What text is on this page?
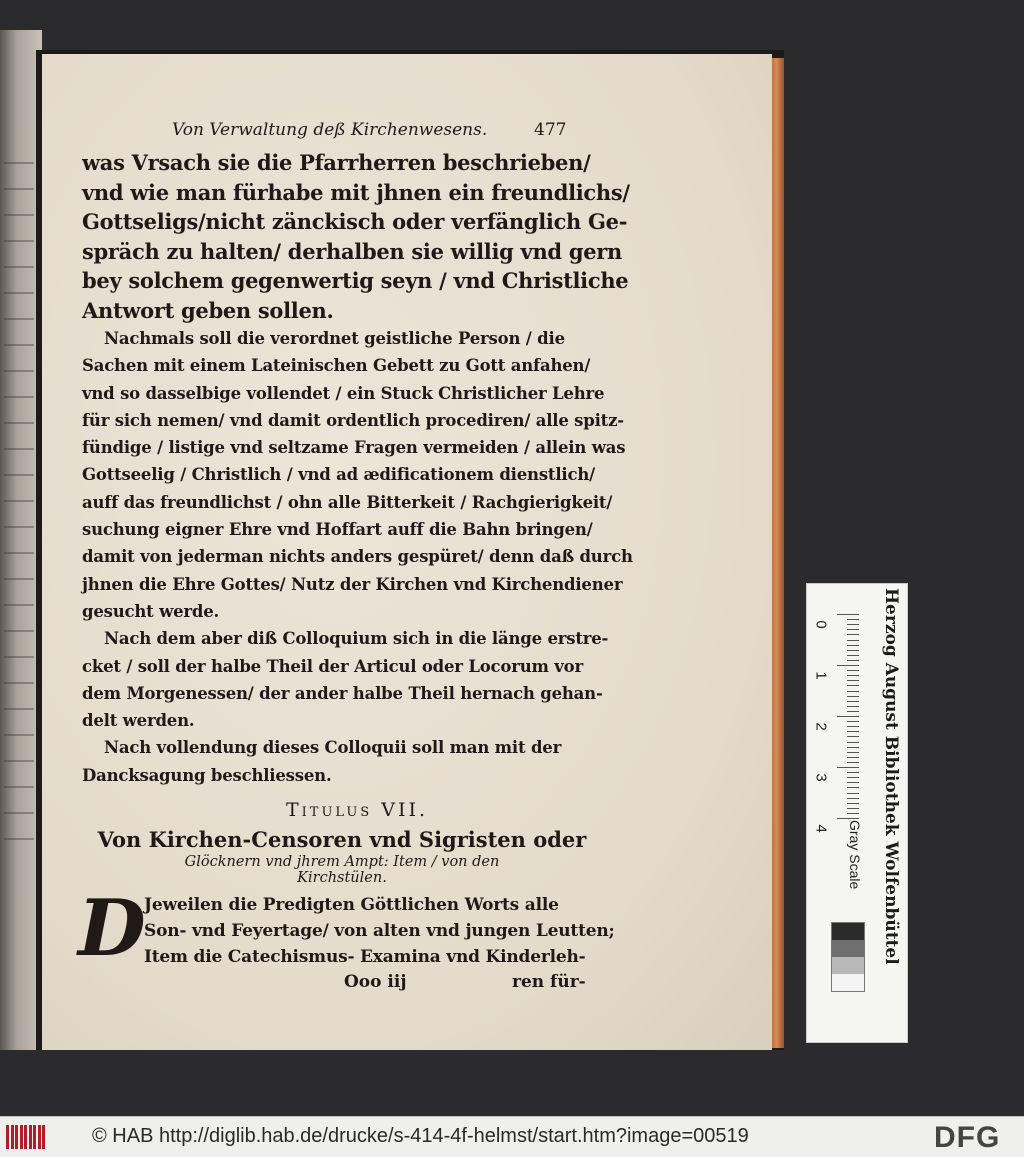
Von Verwaltung deß Kirchenwesens.	477

was Vrsach sie die Pfarrherren beschrieben/

vnd wie man fürhabe mit jhnen ein freundlichs/

Gottseligs/nicht zänckisch oder verfänglich Ge-

spräch zu halten/ derhalben sie willig vnd gern

bey solchem gegenwertig seyn / vnd Christliche

Antwort geben sollen.

Nachmals soll die verordnet geistliche Person / die

Sachen mit einem Lateinischen Gebett zu Gott anfahen/

vnd so dasselbige vollendet / ein Stuck Christlicher Lehre

für sich nemen/ vnd damit ordentlich procediren/ alle spitz-

fündige / listige vnd seltzame Fragen vermeiden / allein was

Gottseelig / Christlich / vnd ad ædificationem dienstlich/

auff das freundlichst / ohn alle Bitterkeit / Rachgierigkeit/

suchung eigner Ehre vnd Hoffart auff die Bahn bringen/

damit von jederman nichts anders gespüret/ denn daß durch

jhnen die Ehre Gottes/ Nutz der Kirchen vnd Kirchendiener

gesucht werde.

Nach dem aber diß Colloquium sich in die länge erstre-

cket / soll der halbe Theil der Articul oder Locorum vor

dem Morgenessen/ der ander halbe Theil hernach gehan-

delt werden.

Nach vollendung dieses Colloquii soll man mit der

Dancksagung beschliessen.

Titulus VII.
Von Kirchen-Censoren vnd Sigristen oder
Glöcknern vnd jhrem Ampt: Item / von den
Kirchstülen.
D

Jeweilen die Predigten Göttlichen Worts alle

Son- vnd Feyertage/ von alten vnd jungen Leutten;

Item die Catechismus- Examina vnd Kinderleh-

Ooo iij	ren für-
0
1
2
3
4 Gray Scale	Herzog August Bibliothek Wolfenbüttel
© HAB http://diglib.hab.de/drucke/s-414-4f-helmst/start.htm?image=00519	DFG
